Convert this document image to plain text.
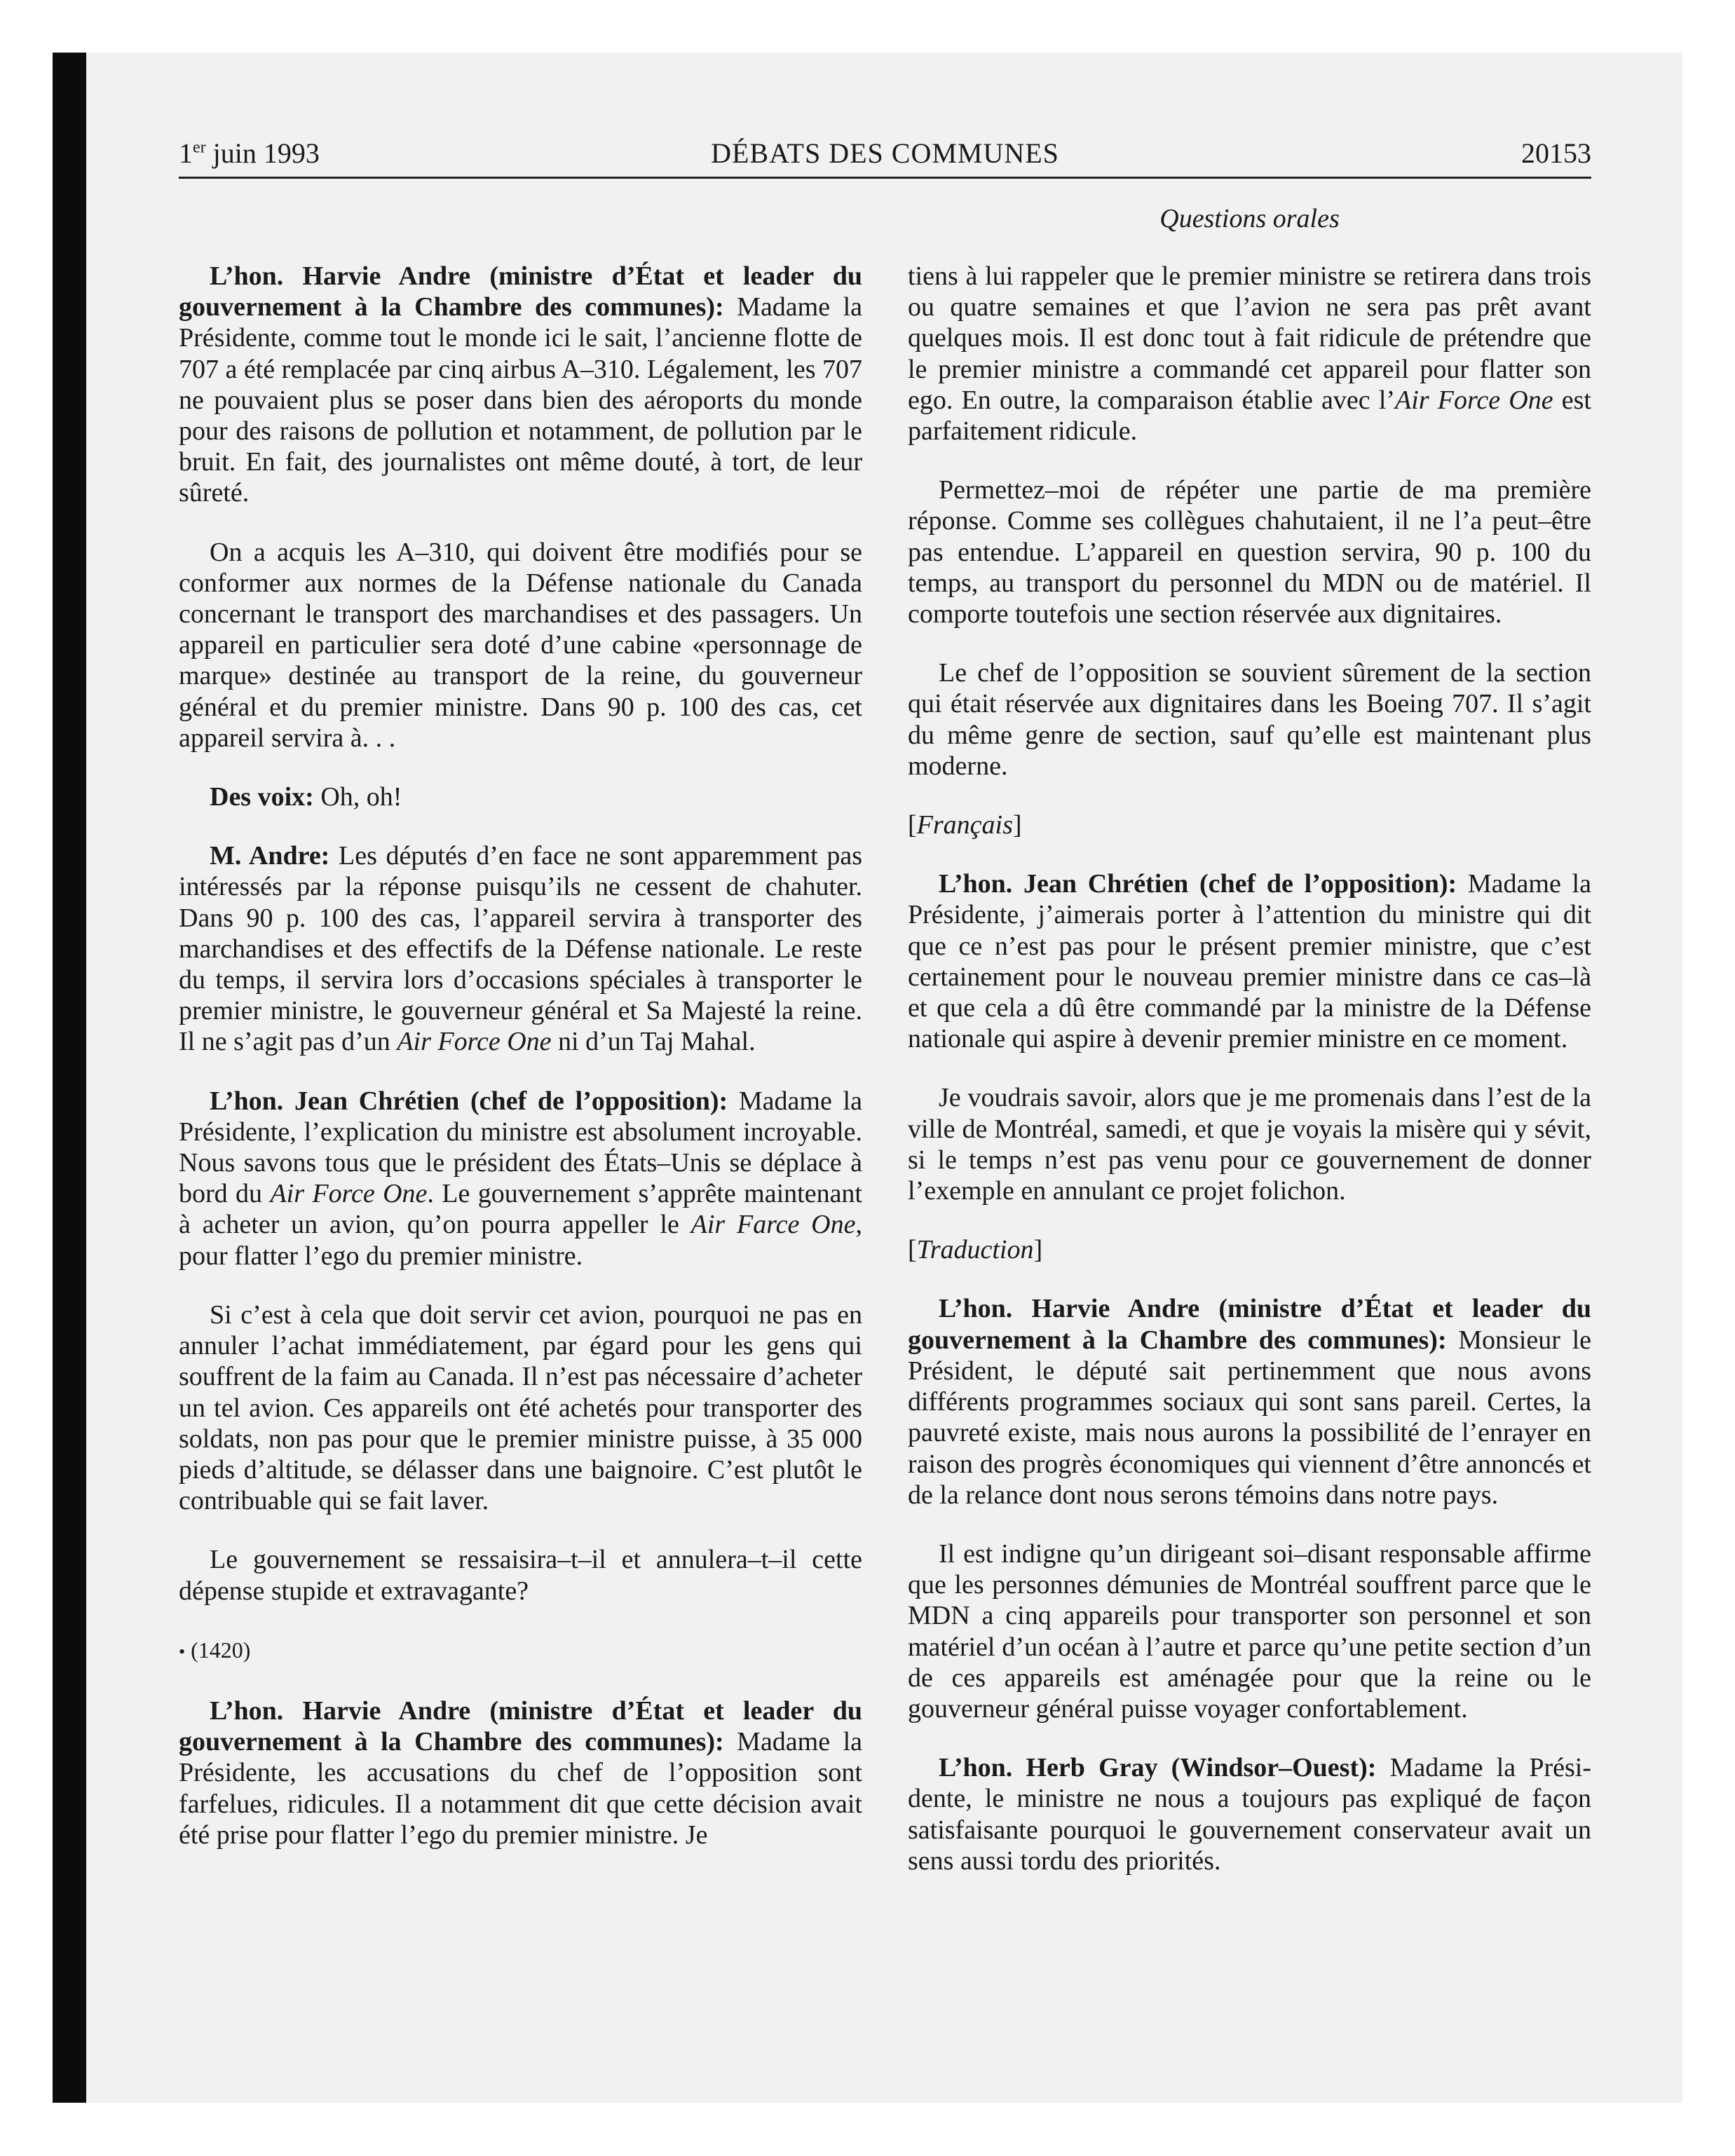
1er juin 1993	DÉBATS DES COMMUNES	20153
Questions orales

L’hon. Harvie Andre (ministre d’État et leader du gouvernement à la Chambre des communes): Madame la Présidente, comme tout le monde ici le sait, l’ancienne flotte de 707 a été remplacée par cinq airbus A–310. Légalement, les 707 ne pouvaient plus se poser dans bien des aéroports du monde pour des raisons de pollution et notamment, de pollution par le bruit. En fait, des journalistes ont même douté, à tort, de leur sûreté.

On a acquis les A–310, qui doivent être modifiés pour se conformer aux normes de la Défense nationale du Canada concernant le transport des marchandises et des passagers. Un appareil en particulier sera doté d’une cabine «personnage de marque» destinée au transport de la reine, du gouverneur général et du premier ministre. Dans 90 p. 100 des cas, cet appareil servira à. . .

Des voix: Oh, oh!

M. Andre: Les députés d’en face ne sont apparemment pas intéressés par la réponse puisqu’ils ne cessent de chahuter. Dans 90 p. 100 des cas, l’appareil servira à transporter des marchandises et des effectifs de la Défense nationale. Le reste du temps, il servira lors d’occasions spéciales à transporter le premier ministre, le gouverneur général et Sa Majesté la reine. Il ne s’agit pas d’un Air Force One ni d’un Taj Mahal.

L’hon. Jean Chrétien (chef de l’opposition): Madame la Présidente, l’explication du ministre est absolument incroyable. Nous savons tous que le président des États–Unis se déplace à bord du Air Force One. Le gouvernement s’apprête maintenant à acheter un avion, qu’on pourra appeller le Air Farce One, pour flatter l’ego du premier ministre.

Si c’est à cela que doit servir cet avion, pourquoi ne pas en annuler l’achat immédiatement, par égard pour les gens qui souffrent de la faim au Canada. Il n’est pas nécessaire d’acheter un tel avion. Ces appareils ont été achetés pour transporter des soldats, non pas pour que le premier ministre puisse, à 35 000 pieds d’altitude, se délasser dans une baignoire. C’est plutôt le contribuable qui se fait laver.

Le gouvernement se ressaisira–t–il et annulera–t–il cette dépense stupide et extravagante?

• (1420)

L’hon. Harvie Andre (ministre d’État et leader du gouvernement à la Chambre des communes): Madame la Présidente, les accusations du chef de l’opposition sont farfelues, ridicules. Il a notamment dit que cette décision avait été prise pour flatter l’ego du premier ministre. Je

tiens à lui rappeler que le premier ministre se retirera dans trois ou quatre semaines et que l’avion ne sera pas prêt avant quelques mois. Il est donc tout à fait ridicule de prétendre que le premier ministre a commandé cet appareil pour flatter son ego. En outre, la comparaison établie avec l’Air Force One est parfaitement ridicule.

Permettez–moi de répéter une partie de ma première réponse. Comme ses collègues chahutaient, il ne l’a peut–être pas entendue. L’appareil en question servira, 90 p. 100 du temps, au transport du personnel du MDN ou de matériel. Il comporte toutefois une section réservée aux dignitaires.

Le chef de l’opposition se souvient sûrement de la section qui était réservée aux dignitaires dans les Boeing 707. Il s’agit du même genre de section, sauf qu’elle est maintenant plus moderne.

[Français]

L’hon. Jean Chrétien (chef de l’opposition): Madame la Présidente, j’aimerais porter à l’attention du ministre qui dit que ce n’est pas pour le présent premier ministre, que c’est certainement pour le nouveau premier ministre dans ce cas–là et que cela a dû être commandé par la ministre de la Défense nationale qui aspire à devenir premier ministre en ce moment.

Je voudrais savoir, alors que je me promenais dans l’est de la ville de Montréal, samedi, et que je voyais la misère qui y sévit, si le temps n’est pas venu pour ce gouvernement de donner l’exemple en annulant ce projet folichon.

[Traduction]

L’hon. Harvie Andre (ministre d’État et leader du gouvernement à la Chambre des communes): Monsieur le Président, le député sait pertinemment que nous avons différents programmes sociaux qui sont sans pareil. Certes, la pauvreté existe, mais nous aurons la possibilité de l’enrayer en raison des progrès économiques qui viennent d’être annoncés et de la relance dont nous serons témoins dans notre pays.

Il est indigne qu’un dirigeant soi–disant responsable affirme que les personnes démunies de Montréal souffrent parce que le MDN a cinq appareils pour transporter son personnel et son matériel d’un océan à l’autre et parce qu’une petite section d’un de ces appareils est aménagée pour que la reine ou le gouverneur général puisse voyager confortablement.

L’hon. Herb Gray (Windsor–Ouest): Madame la Présidente, le ministre ne nous a toujours pas expliqué de façon satisfaisante pourquoi le gouvernement conservateur avait un sens aussi tordu des priorités.
